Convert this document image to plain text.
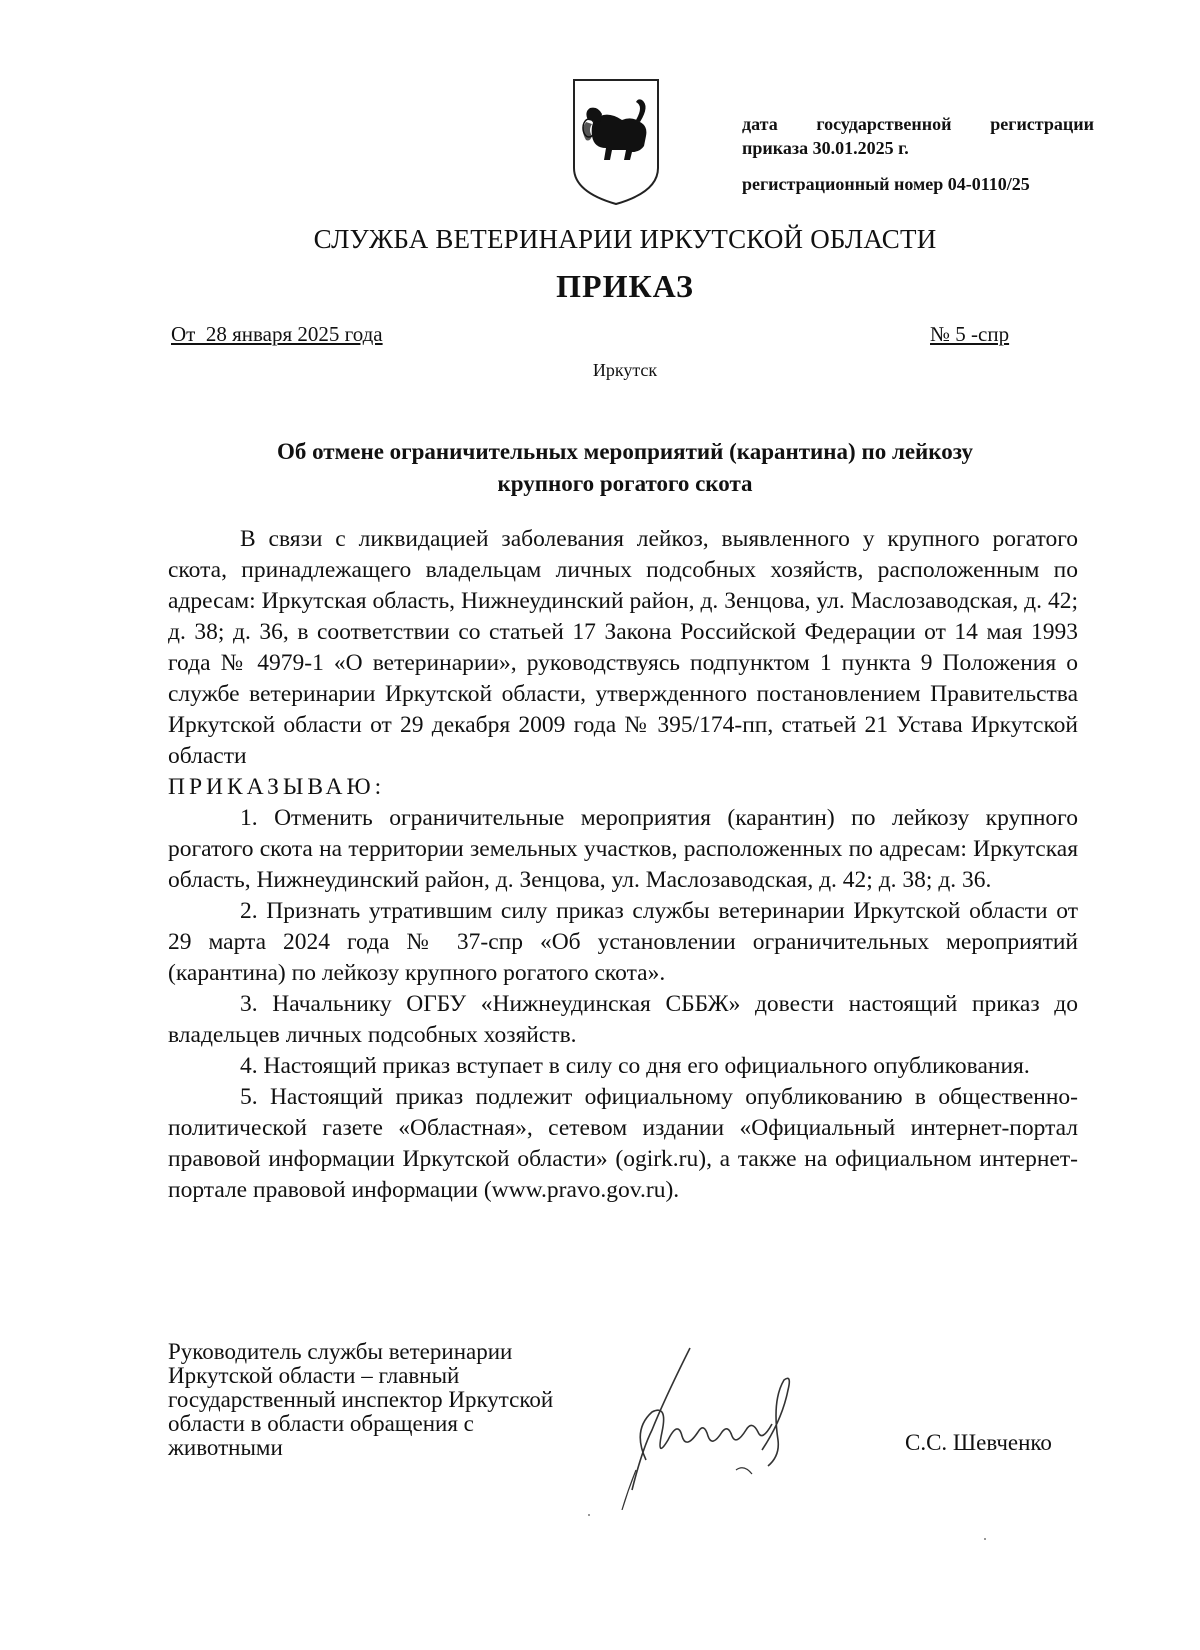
дата государственной регистрации
приказа 30.01.2025 г.
регистрационный номер 04-0110/25
СЛУЖБА ВЕТЕРИНАРИИ ИРКУТСКОЙ ОБЛАСТИ
ПРИКАЗ
От  28 января 2025 года	№ 5 -спр
Иркутск
Об отмене ограничительных мероприятий (карантина) по лейкозу
крупного рогатого скота

В связи с ликвидацией заболевания лейкоз, выявленного у крупного рогатого скота, принадлежащего владельцам личных подсобных хозяйств, расположенным по адресам: Иркутская область, Нижнеудинский район, д. Зенцова, ул. Маслозаводская, д. 42; д. 38; д. 36, в соответствии со статьей 17 Закона Российской Федерации от 14 мая 1993 года № 4979-1 «О ветеринарии», руководствуясь подпунктом 1 пункта 9 Положения о службе ветеринарии Иркутской области, утвержденного постановлением Правительства Иркутской области от 29 декабря 2009 года № 395/174-пп, статьей 21 Устава Иркутской области

ПРИКАЗЫВАЮ:

1. Отменить ограничительные мероприятия (карантин) по лейкозу крупного рогатого скота на территории земельных участков, расположенных по адресам: Иркутская область, Нижнеудинский район, д. Зенцова, ул. Маслозаводская, д. 42; д. 38; д. 36.

2. Признать утратившим силу приказ службы ветеринарии Иркутской области от 29 марта 2024 года № 37-спр «Об установлении ограничительных мероприятий (карантина) по лейкозу крупного рогатого скота».

3. Начальнику ОГБУ «Нижнеудинская СББЖ» довести настоящий приказ до владельцев личных подсобных хозяйств.

4. Настоящий приказ вступает в силу со дня его официального опубликования.

5. Настоящий приказ подлежит официальному опубликованию в общественно-политической газете «Областная», сетевом издании «Официальный интернет-портал правовой информации Иркутской области» (ogirk.ru), а также на официальном интернет-портале правовой информации (www.pravo.gov.ru).

Руководитель службы ветеринарии
Иркутской области – главный
государственный инспектор Иркутской
области в области обращения с
животными	С.С. Шевченко
